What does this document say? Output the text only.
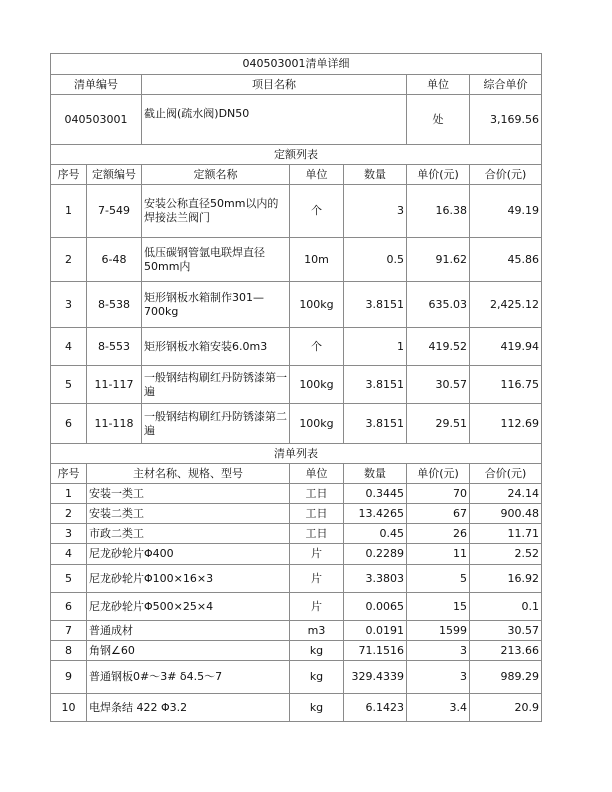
040503001清单详细						
清单编号		项目名称			单位	综合单价
040503001		截止阀(疏水阀)DN50			处	3,169.56
定额列表						
序号	定额编号	定额名称	单位	数量	单价(元)	合价(元)
1	7-549	安装公称直径50mm以内的焊接法兰阀门	个	3	16.38	49.19
2	6-48	低压碳钢管氩电联焊直径50mm内	10m	0.5	91.62	45.86
3	8-538	矩形钢板水箱制作301—700kg	100kg	3.8151	635.03	2,425.12
4	8-553	矩形钢板水箱安装6.0m3	个	1	419.52	419.94
5	11-117	一般钢结构刷红丹防锈漆第一遍	100kg	3.8151	30.57	116.75
6	11-118	一般钢结构刷红丹防锈漆第二遍	100kg	3.8151	29.51	112.69
清单列表						
序号	主材名称、规格、型号		单位	数量	单价(元)	合价(元)
1	安装一类工		工日	0.3445	70	24.14
2	安装二类工		工日	13.4265	67	900.48
3	市政二类工		工日	0.45	26	11.71
4	尼龙砂轮片Φ400		片	0.2289	11	2.52
5	尼龙砂轮片Φ100×16×3		片	3.3803	5	16.92
6	尼龙砂轮片Φ500×25×4		片	0.0065	15	0.1
7	普通成材		m3	0.0191	1599	30.57
8	角钢∠60		kg	71.1516	3	213.66
9	普通钢板0#～3# δ4.5～7		kg	329.4339	3	989.29
10	电焊条结 422 Φ3.2		kg	6.1423	3.4	20.9
